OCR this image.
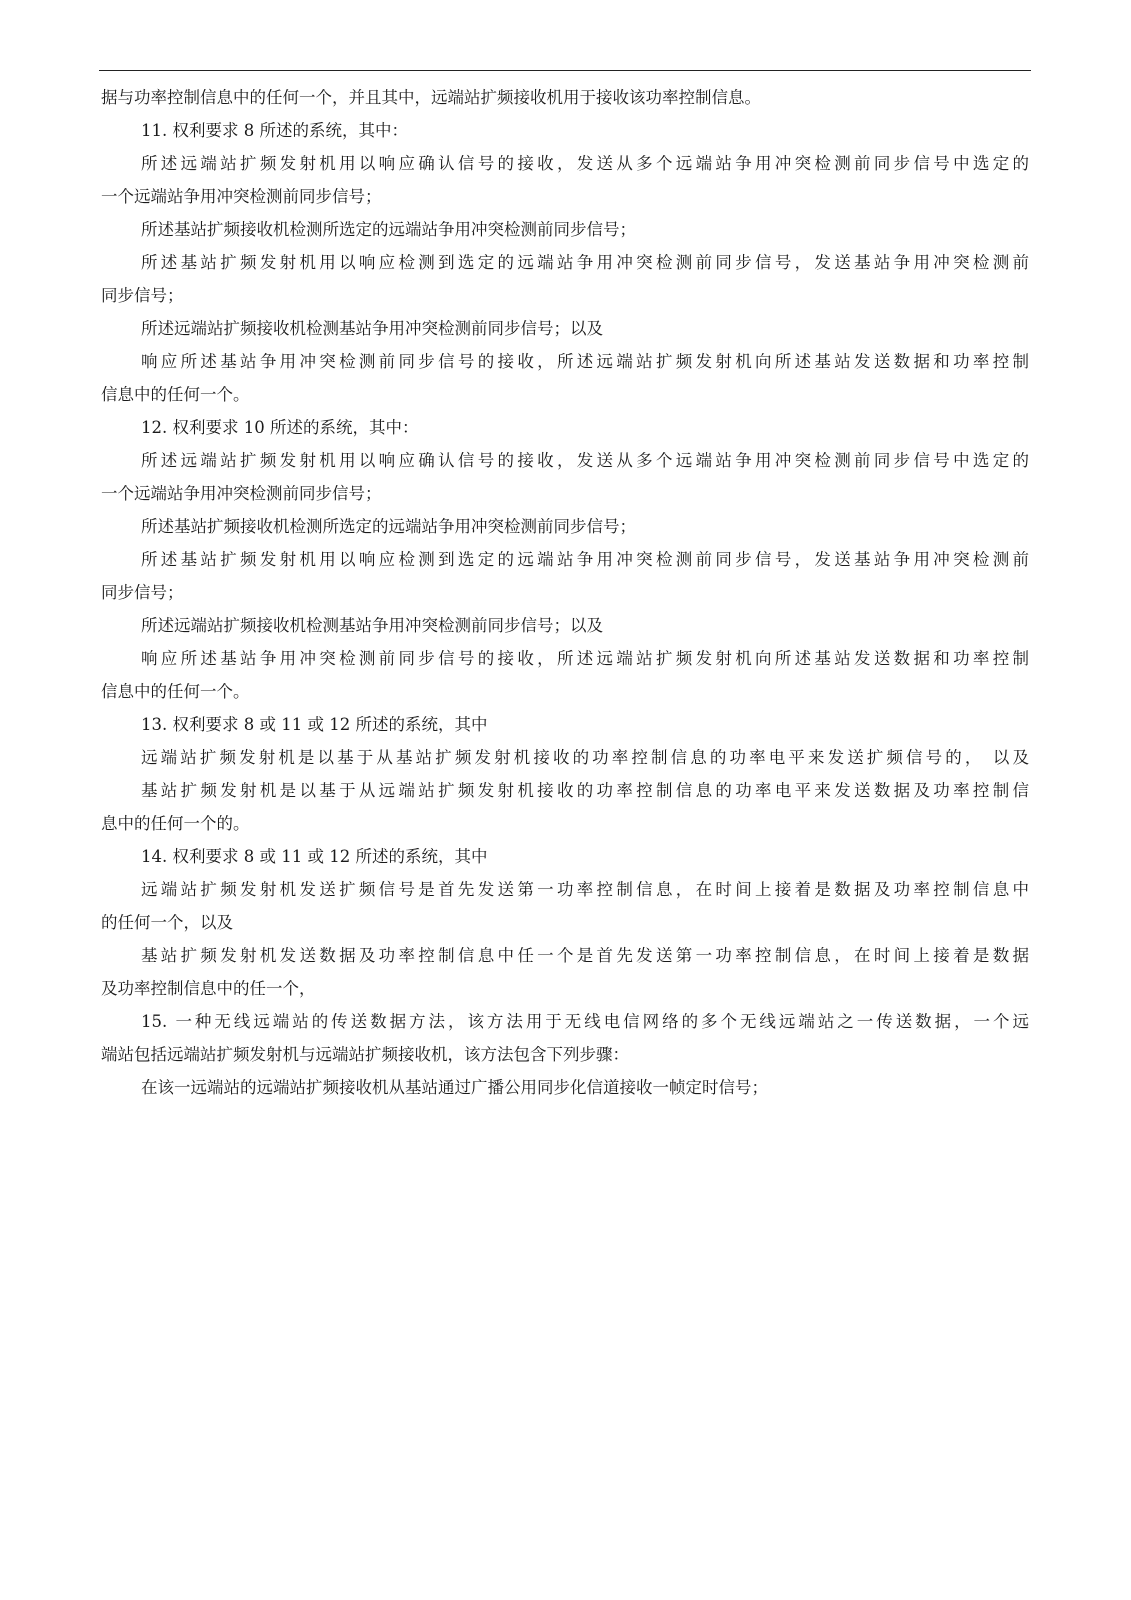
据与功率控制信息中的任何一个，并且其中，远端站扩频接收机用于接收该功率控制信息。
11. 权利要求 8 所述的系统，其中：
所述远端站扩频发射机用以响应确认信号的接收，发送从多个远端站争用冲突检测前同步信号中选定的
一个远端站争用冲突检测前同步信号；
所述基站扩频接收机检测所选定的远端站争用冲突检测前同步信号；
所述基站扩频发射机用以响应检测到选定的远端站争用冲突检测前同步信号，发送基站争用冲突检测前
同步信号；
所述远端站扩频接收机检测基站争用冲突检测前同步信号；以及
响应所述基站争用冲突检测前同步信号的接收，所述远端站扩频发射机向所述基站发送数据和功率控制
信息中的任何一个。
12. 权利要求 10 所述的系统，其中：
所述远端站扩频发射机用以响应确认信号的接收，发送从多个远端站争用冲突检测前同步信号中选定的
一个远端站争用冲突检测前同步信号；
所述基站扩频接收机检测所选定的远端站争用冲突检测前同步信号；
所述基站扩频发射机用以响应检测到选定的远端站争用冲突检测前同步信号，发送基站争用冲突检测前
同步信号；
所述远端站扩频接收机检测基站争用冲突检测前同步信号；以及
响应所述基站争用冲突检测前同步信号的接收，所述远端站扩频发射机向所述基站发送数据和功率控制
信息中的任何一个。
13. 权利要求 8 或 11 或 12 所述的系统，其中
远端站扩频发射机是以基于从基站扩频发射机接收的功率控制信息的功率电平来发送扩频信号的， 以及
基站扩频发射机是以基于从远端站扩频发射机接收的功率控制信息的功率电平来发送数据及功率控制信
息中的任何一个的。
14. 权利要求 8 或 11 或 12 所述的系统，其中
远端站扩频发射机发送扩频信号是首先发送第一功率控制信息，在时间上接着是数据及功率控制信息中
的任何一个，以及
基站扩频发射机发送数据及功率控制信息中任一个是首先发送第一功率控制信息，在时间上接着是数据
及功率控制信息中的任一个，
15. 一种无线远端站的传送数据方法，该方法用于无线电信网络的多个无线远端站之一传送数据，一个远
端站包括远端站扩频发射机与远端站扩频接收机，该方法包含下列步骤：
在该一远端站的远端站扩频接收机从基站通过广播公用同步化信道接收一帧定时信号；
